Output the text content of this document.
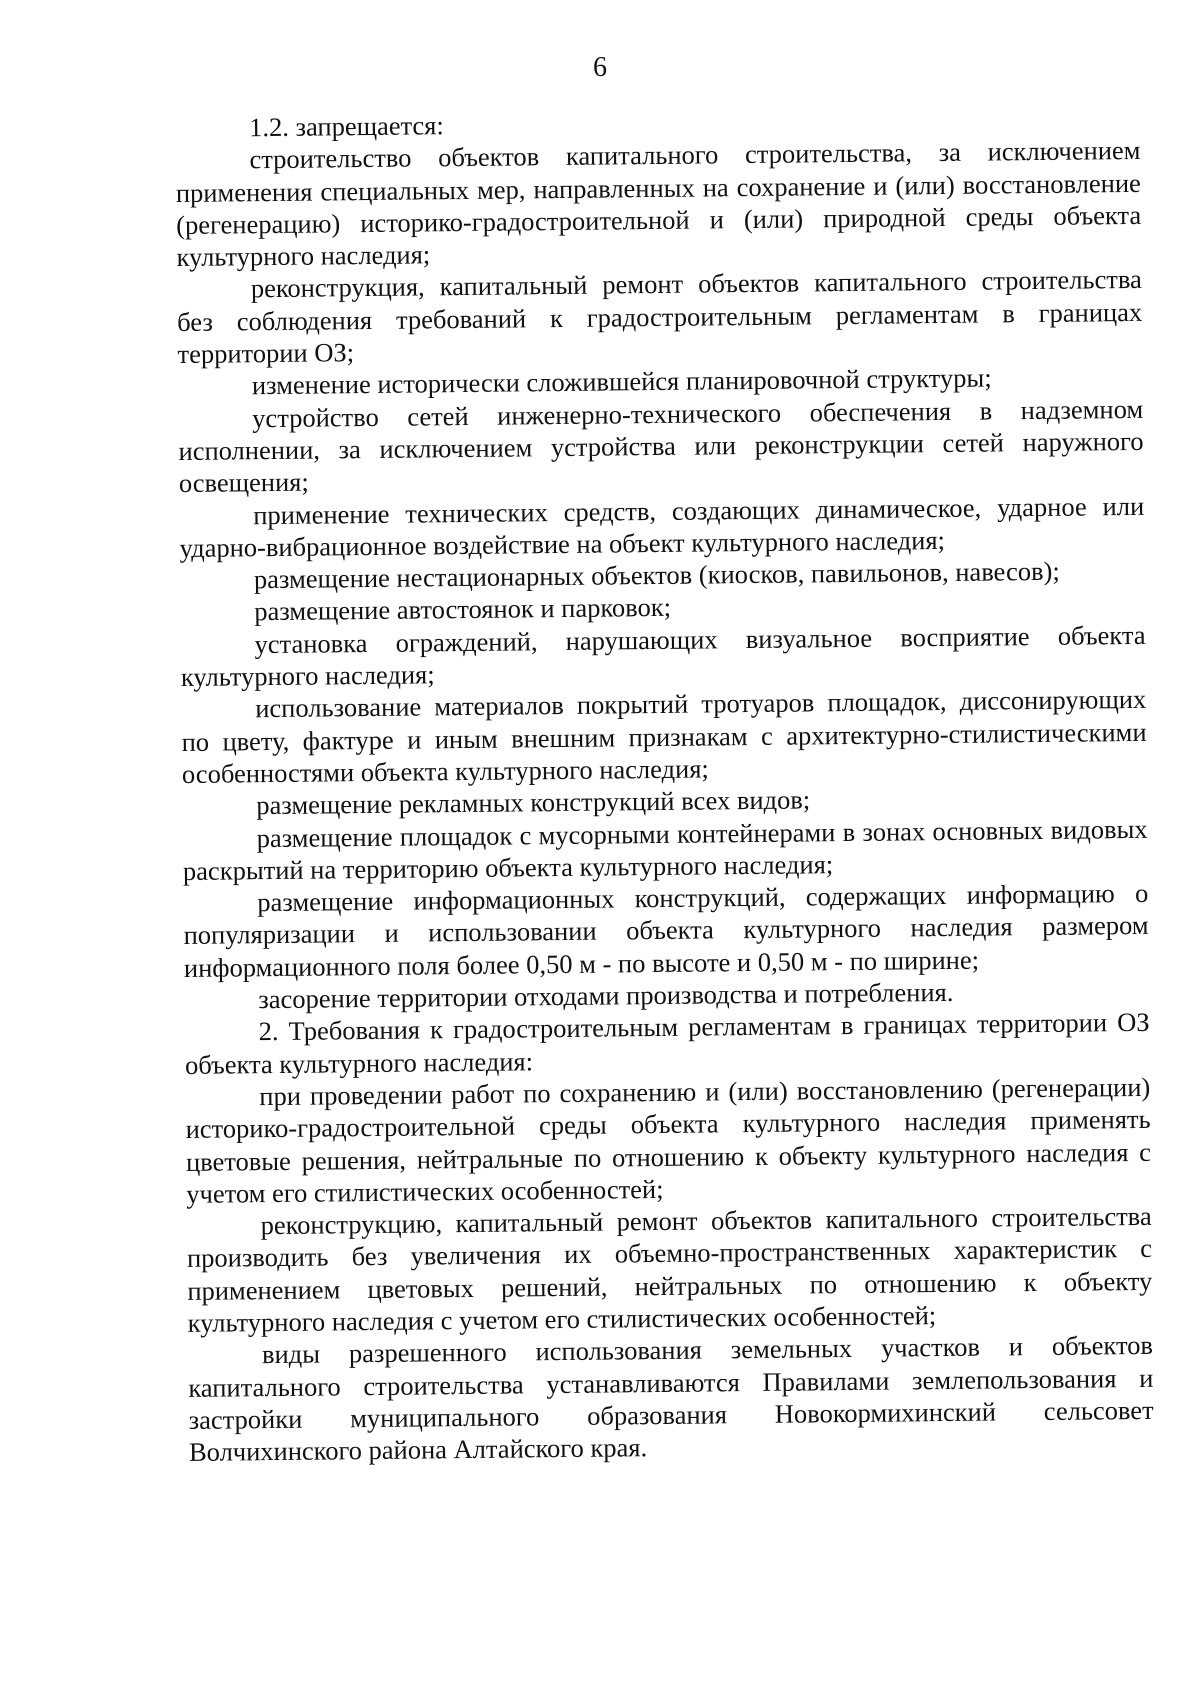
6

1.2. запрещается:

строительство объектов капитального строительства, за исключением применения специальных мер, направленных на сохранение и (или) восстановление (регенерацию) историко-градостроительной и (или) природной среды объекта культурного наследия;

реконструкция, капитальный ремонт объектов капитального строительства без соблюдения требований к градостроительным регламентам в границах территории ОЗ;

изменение исторически сложившейся планировочной структуры;

устройство сетей инженерно-технического обеспечения в надземном исполнении, за исключением устройства или реконструкции сетей наружного освещения;

применение технических средств, создающих динамическое, ударное или ударно-вибрационное воздействие на объект культурного наследия;

размещение нестационарных объектов (киосков, павильонов, навесов);

размещение автостоянок и парковок;

установка ограждений, нарушающих визуальное восприятие объекта культурного наследия;

использование материалов покрытий тротуаров площадок, диссонирующих по цвету, фактуре и иным внешним признакам с архитектурно-стилистическими особенностями объекта культурного наследия;

размещение рекламных конструкций всех видов;

размещение площадок с мусорными контейнерами в зонах основных видовых раскрытий на территорию объекта культурного наследия;

размещение информационных конструкций, содержащих информацию о популяризации и использовании объекта культурного наследия размером информационного поля более 0,50 м - по высоте и 0,50 м - по ширине;

засорение территории отходами производства и потребления.

2. Требования к градостроительным регламентам в границах территории ОЗ объекта культурного наследия:

при проведении работ по сохранению и (или) восстановлению (регенерации) историко-градостроительной среды объекта культурного наследия применять цветовые решения, нейтральные по отношению к объекту культурного наследия с учетом его стилистических особенностей;

реконструкцию, капитальный ремонт объектов капитального строительства производить без увеличения их объемно-пространственных характеристик с применением цветовых решений, нейтральных по отношению к объекту культурного наследия с учетом его стилистических особенностей;

виды разрешенного использования земельных участков и объектов капитального строительства устанавливаются Правилами землепользования и застройки муниципального образования Новокормихинский сельсовет Волчихинского района Алтайского края.
